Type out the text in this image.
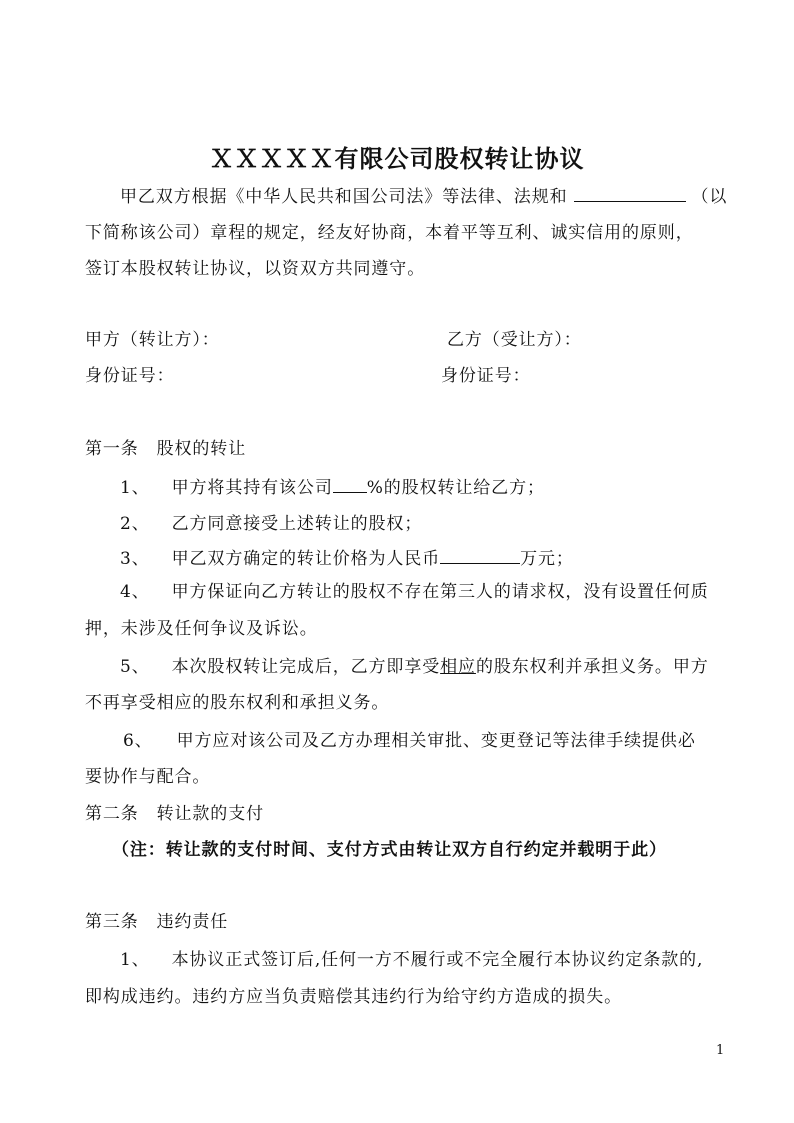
ＸＸＸＸＸ有限公司股权转让协议
甲乙双方根据《中华人民共和国公司法》等法律、法规和	（以
下简称该公司）章程的规定，经友好协商，本着平等互利、诚实信用的原则，
签订本股权转让协议，以资双方共同遵守。
甲方（转让方）：	乙方（受让方）：
身份证号：	身份证号：
第一条　股权的转让
1、 甲方将其持有该公司 %的股权转让给乙方；
2、 乙方同意接受上述转让的股权；
3、 甲乙双方确定的转让价格为人民币	万元；
4、 甲方保证向乙方转让的股权不存在第三人的请求权，没有设置任何质
押，未涉及任何争议及诉讼。
5、 本次股权转让完成后，乙方即享受相应的股东权利并承担义务。甲方
不再享受相应的股东权利和承担义务。
6、 甲方应对该公司及乙方办理相关审批、变更登记等法律手续提供必
要协作与配合。
第二条　转让款的支付
（注：转让款的支付时间、支付方式由转让双方自行约定并载明于此）
第三条　违约责任
1、 本协议正式签订后,任何一方不履行或不完全履行本协议约定条款的,
即构成违约。违约方应当负责赔偿其违约行为给守约方造成的损失。
1
